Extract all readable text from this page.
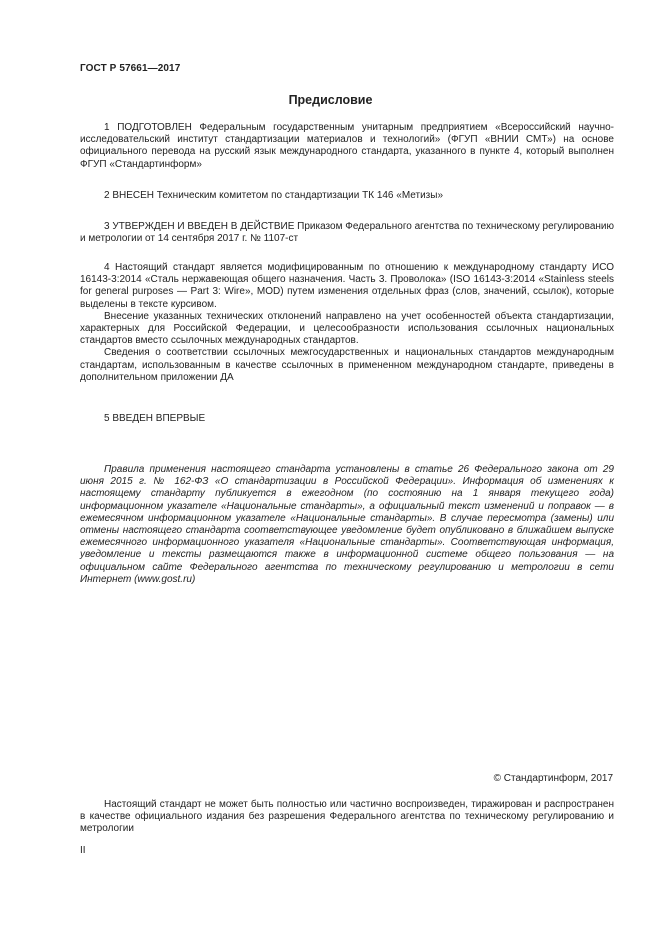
ГОСТ Р 57661—2017
Предисловие
1 ПОДГОТОВЛЕН Федеральным государственным унитарным предприятием «Всероссийский научно-исследовательский институт стандартизации материалов и технологий» (ФГУП «ВНИИ СМТ») на основе официального перевода на русский язык международного стандарта, указанного в пункте 4, который выполнен ФГУП «Стандартинформ»
2 ВНЕСЕН Техническим комитетом по стандартизации ТК 146 «Метизы»
3 УТВЕРЖДЕН И ВВЕДЕН В ДЕЙСТВИЕ Приказом Федерального агентства по техническому регулированию и метрологии от 14 сентября 2017 г. № 1107-ст
4 Настоящий стандарт является модифицированным по отношению к международному стандарту ИСО 16143-3:2014 «Сталь нержавеющая общего назначения. Часть 3. Проволока» (ISO 16143-3:2014 «Stainless steels for general purposes — Part 3: Wire», MOD) путем изменения отдельных фраз (слов, значений, ссылок), которые выделены в тексте курсивом.
Внесение указанных технических отклонений направлено на учет особенностей объекта стандартизации, характерных для Российской Федерации, и целесообразности использования ссылочных национальных стандартов вместо ссылочных международных стандартов.
Сведения о соответствии ссылочных межгосударственных и национальных стандартов международным стандартам, использованным в качестве ссылочных в примененном международном стандарте, приведены в дополнительном приложении ДА
5 ВВЕДЕН ВПЕРВЫЕ
Правила применения настоящего стандарта установлены в статье 26 Федерального закона от 29 июня 2015 г. № 162-ФЗ «О стандартизации в Российской Федерации». Информация об изменениях к настоящему стандарту публикуется в ежегодном (по состоянию на 1 января текущего года) информационном указателе «Национальные стандарты», а официальный текст изменений и поправок — в ежемесячном информационном указателе «Национальные стандарты». В случае пересмотра (замены) или отмены настоящего стандарта соответствующее уведомление будет опубликовано в ближайшем выпуске ежемесячного информационного указателя «Национальные стандарты». Соответствующая информация, уведомление и тексты размещаются также в информационной системе общего пользования — на официальном сайте Федерального агентства по техническому регулированию и метрологии в сети Интернет (www.gost.ru)
© Стандартинформ, 2017
Настоящий стандарт не может быть полностью или частично воспроизведен, тиражирован и распространен в качестве официального издания без разрешения Федерального агентства по техническому регулированию и метрологии
II
